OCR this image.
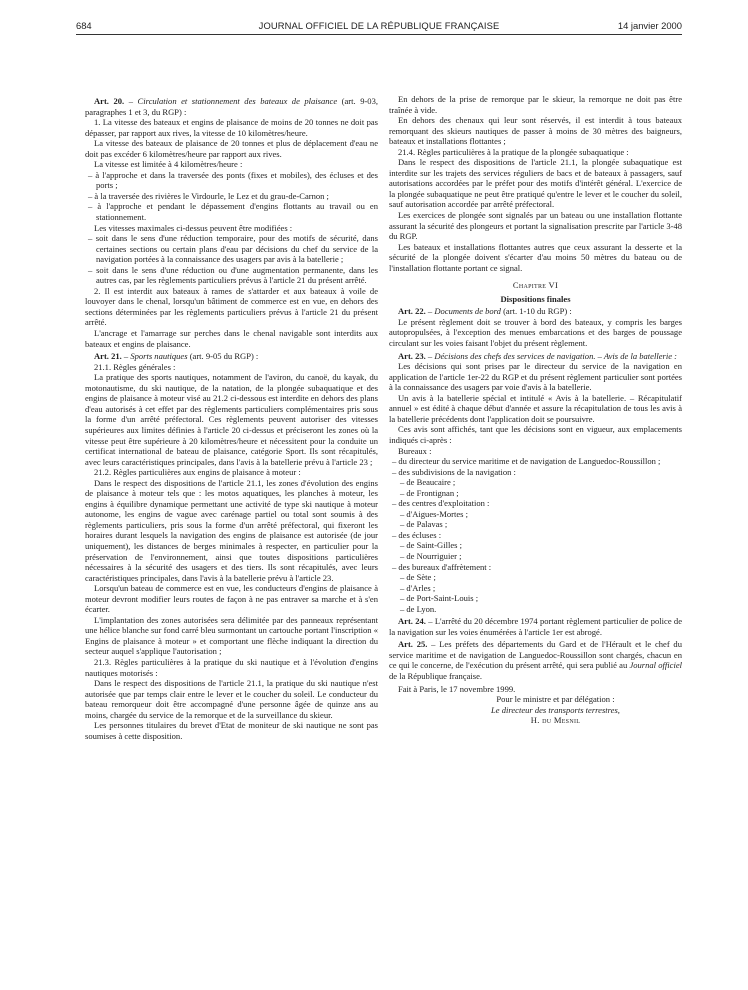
684	JOURNAL OFFICIEL DE LA RÉPUBLIQUE FRANÇAISE	14 janvier 2000

Art. 20. – Circulation et stationnement des bateaux de plaisance (art. 9-03, paragraphes 1 et 3, du RGP) :

1. La vitesse des bateaux et engins de plaisance de moins de 20 tonnes ne doit pas dépasser, par rapport aux rives, la vitesse de 10 kilomètres/heure.

La vitesse des bateaux de plaisance de 20 tonnes et plus de déplacement d'eau ne doit pas excéder 6 kilomètres/heure par rapport aux rives.

La vitesse est limitée à 4 kilomètres/heure :

– à l'approche et dans la traversée des ponts (fixes et mobiles), des écluses et des ports ;

– à la traversée des rivières le Virdourle, le Lez et du grau-de-Carnon ;

– à l'approche et pendant le dépassement d'engins flottants au travail ou en stationnement.

Les vitesses maximales ci-dessus peuvent être modifiées :

– soit dans le sens d'une réduction temporaire, pour des motifs de sécurité, dans certaines sections ou certain plans d'eau par décisions du chef du service de la navigation portées à la connaissance des usagers par avis à la batellerie ;

– soit dans le sens d'une réduction ou d'une augmentation permanente, dans les autres cas, par les règlements particuliers prévus à l'article 21 du présent arrêté.

2. Il est interdit aux bateaux à rames de s'attarder et aux bateaux à voile de louvoyer dans le chenal, lorsqu'un bâtiment de commerce est en vue, en dehors des sections déterminées par les règlements particuliers prévus à l'article 21 du présent arrêté.

L'ancrage et l'amarrage sur perches dans le chenal navigable sont interdits aux bateaux et engins de plaisance.

Art. 21. – Sports nautiques (art. 9-05 du RGP) :

21.1. Règles générales :

La pratique des sports nautiques, notamment de l'aviron, du canoë, du kayak, du motonautisme, du ski nautique, de la natation, de la plongée subaquatique et des engins de plaisance à moteur visé au 21.2 ci-dessous est interdite en dehors des plans d'eau autorisés à cet effet par des règlements particuliers complémentaires pris sous la forme d'un arrêté préfectoral. Ces règlements peuvent autoriser des vitesses supérieures aux limites définies à l'article 20 ci-dessus et préciseront les zones où la vitesse peut être supérieure à 20 kilomètres/heure et nécessitent pour la conduite un certificat international de bateau de plaisance, catégorie Sport. Ils sont récapitulés, avec leurs caractéristiques principales, dans l'avis à la batellerie prévu à l'article 23 ;

21.2. Règles particulières aux engins de plaisance à moteur :

Dans le respect des dispositions de l'article 21.1, les zones d'évolution des engins de plaisance à moteur tels que : les motos aquatiques, les planches à moteur, les engins à équilibre dynamique permettant une activité de type ski nautique à moteur autonome, les engins de vague avec carénage partiel ou total sont soumis à des règlements particuliers, pris sous la forme d'un arrêté préfectoral, qui fixeront les horaires durant lesquels la navigation des engins de plaisance est autorisée (de jour uniquement), les distances de berges minimales à respecter, en particulier pour la préservation de l'environnement, ainsi que toutes dispositions particulières nécessaires à la sécurité des usagers et des tiers. Ils sont récapitulés, avec leurs caractéristiques principales, dans l'avis à la batellerie prévu à l'article 23.

Lorsqu'un bateau de commerce est en vue, les conducteurs d'engins de plaisance à moteur devront modifier leurs routes de façon à ne pas entraver sa marche et à s'en écarter.

L'implantation des zones autorisées sera délimitée par des panneaux représentant une hélice blanche sur fond carré bleu surmontant un cartouche portant l'inscription « Engins de plaisance à moteur » et comportant une flèche indiquant la direction du secteur auquel s'applique l'autorisation ;

21.3. Règles particulières à la pratique du ski nautique et à l'évolution d'engins nautiques motorisés :

Dans le respect des dispositions de l'article 21.1, la pratique du ski nautique n'est autorisée que par temps clair entre le lever et le coucher du soleil. Le conducteur du bateau remorqueur doit être accompagné d'une personne âgée de quinze ans au moins, chargée du service de la remorque et de la surveillance du skieur.

Les personnes titulaires du brevet d'Etat de moniteur de ski nautique ne sont pas soumises à cette disposition.

En dehors de la prise de remorque par le skieur, la remorque ne doit pas être traînée à vide.

En dehors des chenaux qui leur sont réservés, il est interdit à tous bateaux remorquant des skieurs nautiques de passer à moins de 30 mètres des baigneurs, bateaux et installations flottantes ;

21.4. Règles particulières à la pratique de la plongée subaquatique :

Dans le respect des dispositions de l'article 21.1, la plongée subaquatique est interdite sur les trajets des services réguliers de bacs et de bateaux à passagers, sauf autorisations accordées par le préfet pour des motifs d'intérêt général. L'exercice de la plongée subaquatique ne peut être pratiqué qu'entre le lever et le coucher du soleil, sauf autorisation accordée par arrêté préfectoral.

Les exercices de plongée sont signalés par un bateau ou une installation flottante assurant la sécurité des plongeurs et portant la signalisation prescrite par l'article 3-48 du RGP.

Les bateaux et installations flottantes autres que ceux assurant la desserte et la sécurité de la plongée doivent s'écarter d'au moins 50 mètres du bateau ou de l'installation flottante portant ce signal.

Chapitre VI

Dispositions finales

Art. 22. – Documents de bord (art. 1-10 du RGP) :

Le présent règlement doit se trouver à bord des bateaux, y compris les barges autopropulsées, à l'exception des menues embarcations et des barges de poussage circulant sur les voies faisant l'objet du présent règlement.

Art. 23. – Décisions des chefs des services de navigation. – Avis de la batellerie :

Les décisions qui sont prises par le directeur du service de la navigation en application de l'article 1er-22 du RGP et du présent règlement particulier sont portées à la connaissance des usagers par voie d'avis à la batellerie.

Un avis à la batellerie spécial et intitulé « Avis à la batellerie. – Récapitulatif annuel » est édité à chaque début d'année et assure la récapitulation de tous les avis à la batellerie précédents dont l'application doit se poursuivre.

Ces avis sont affichés, tant que les décisions sont en vigueur, aux emplacements indiqués ci-après :

Bureaux :

– du directeur du service maritime et de navigation de Languedoc-Roussillon ;

– des subdivisions de la navigation :

– de Beaucaire ;

– de Frontignan ;

– des centres d'exploitation :

– d'Aigues-Mortes ;

– de Palavas ;

– des écluses :

– de Saint-Gilles ;

– de Nourriguier ;

– des bureaux d'affrètement :

– de Sète ;

– d'Arles ;

– de Port-Saint-Louis ;

– de Lyon.

Art. 24. – L'arrêté du 20 décembre 1974 portant règlement particulier de police de la navigation sur les voies énumérées à l'article 1er est abrogé.

Art. 25. – Les préfets des départements du Gard et de l'Hérault et le chef du service maritime et de navigation de Languedoc-Roussillon sont chargés, chacun en ce qui le concerne, de l'exécution du présent arrêté, qui sera publié au Journal officiel de la République française.

Fait à Paris, le 17 novembre 1999.

Pour le ministre et par délégation :

Le directeur des transports terrestres,

H. du Mesnil
